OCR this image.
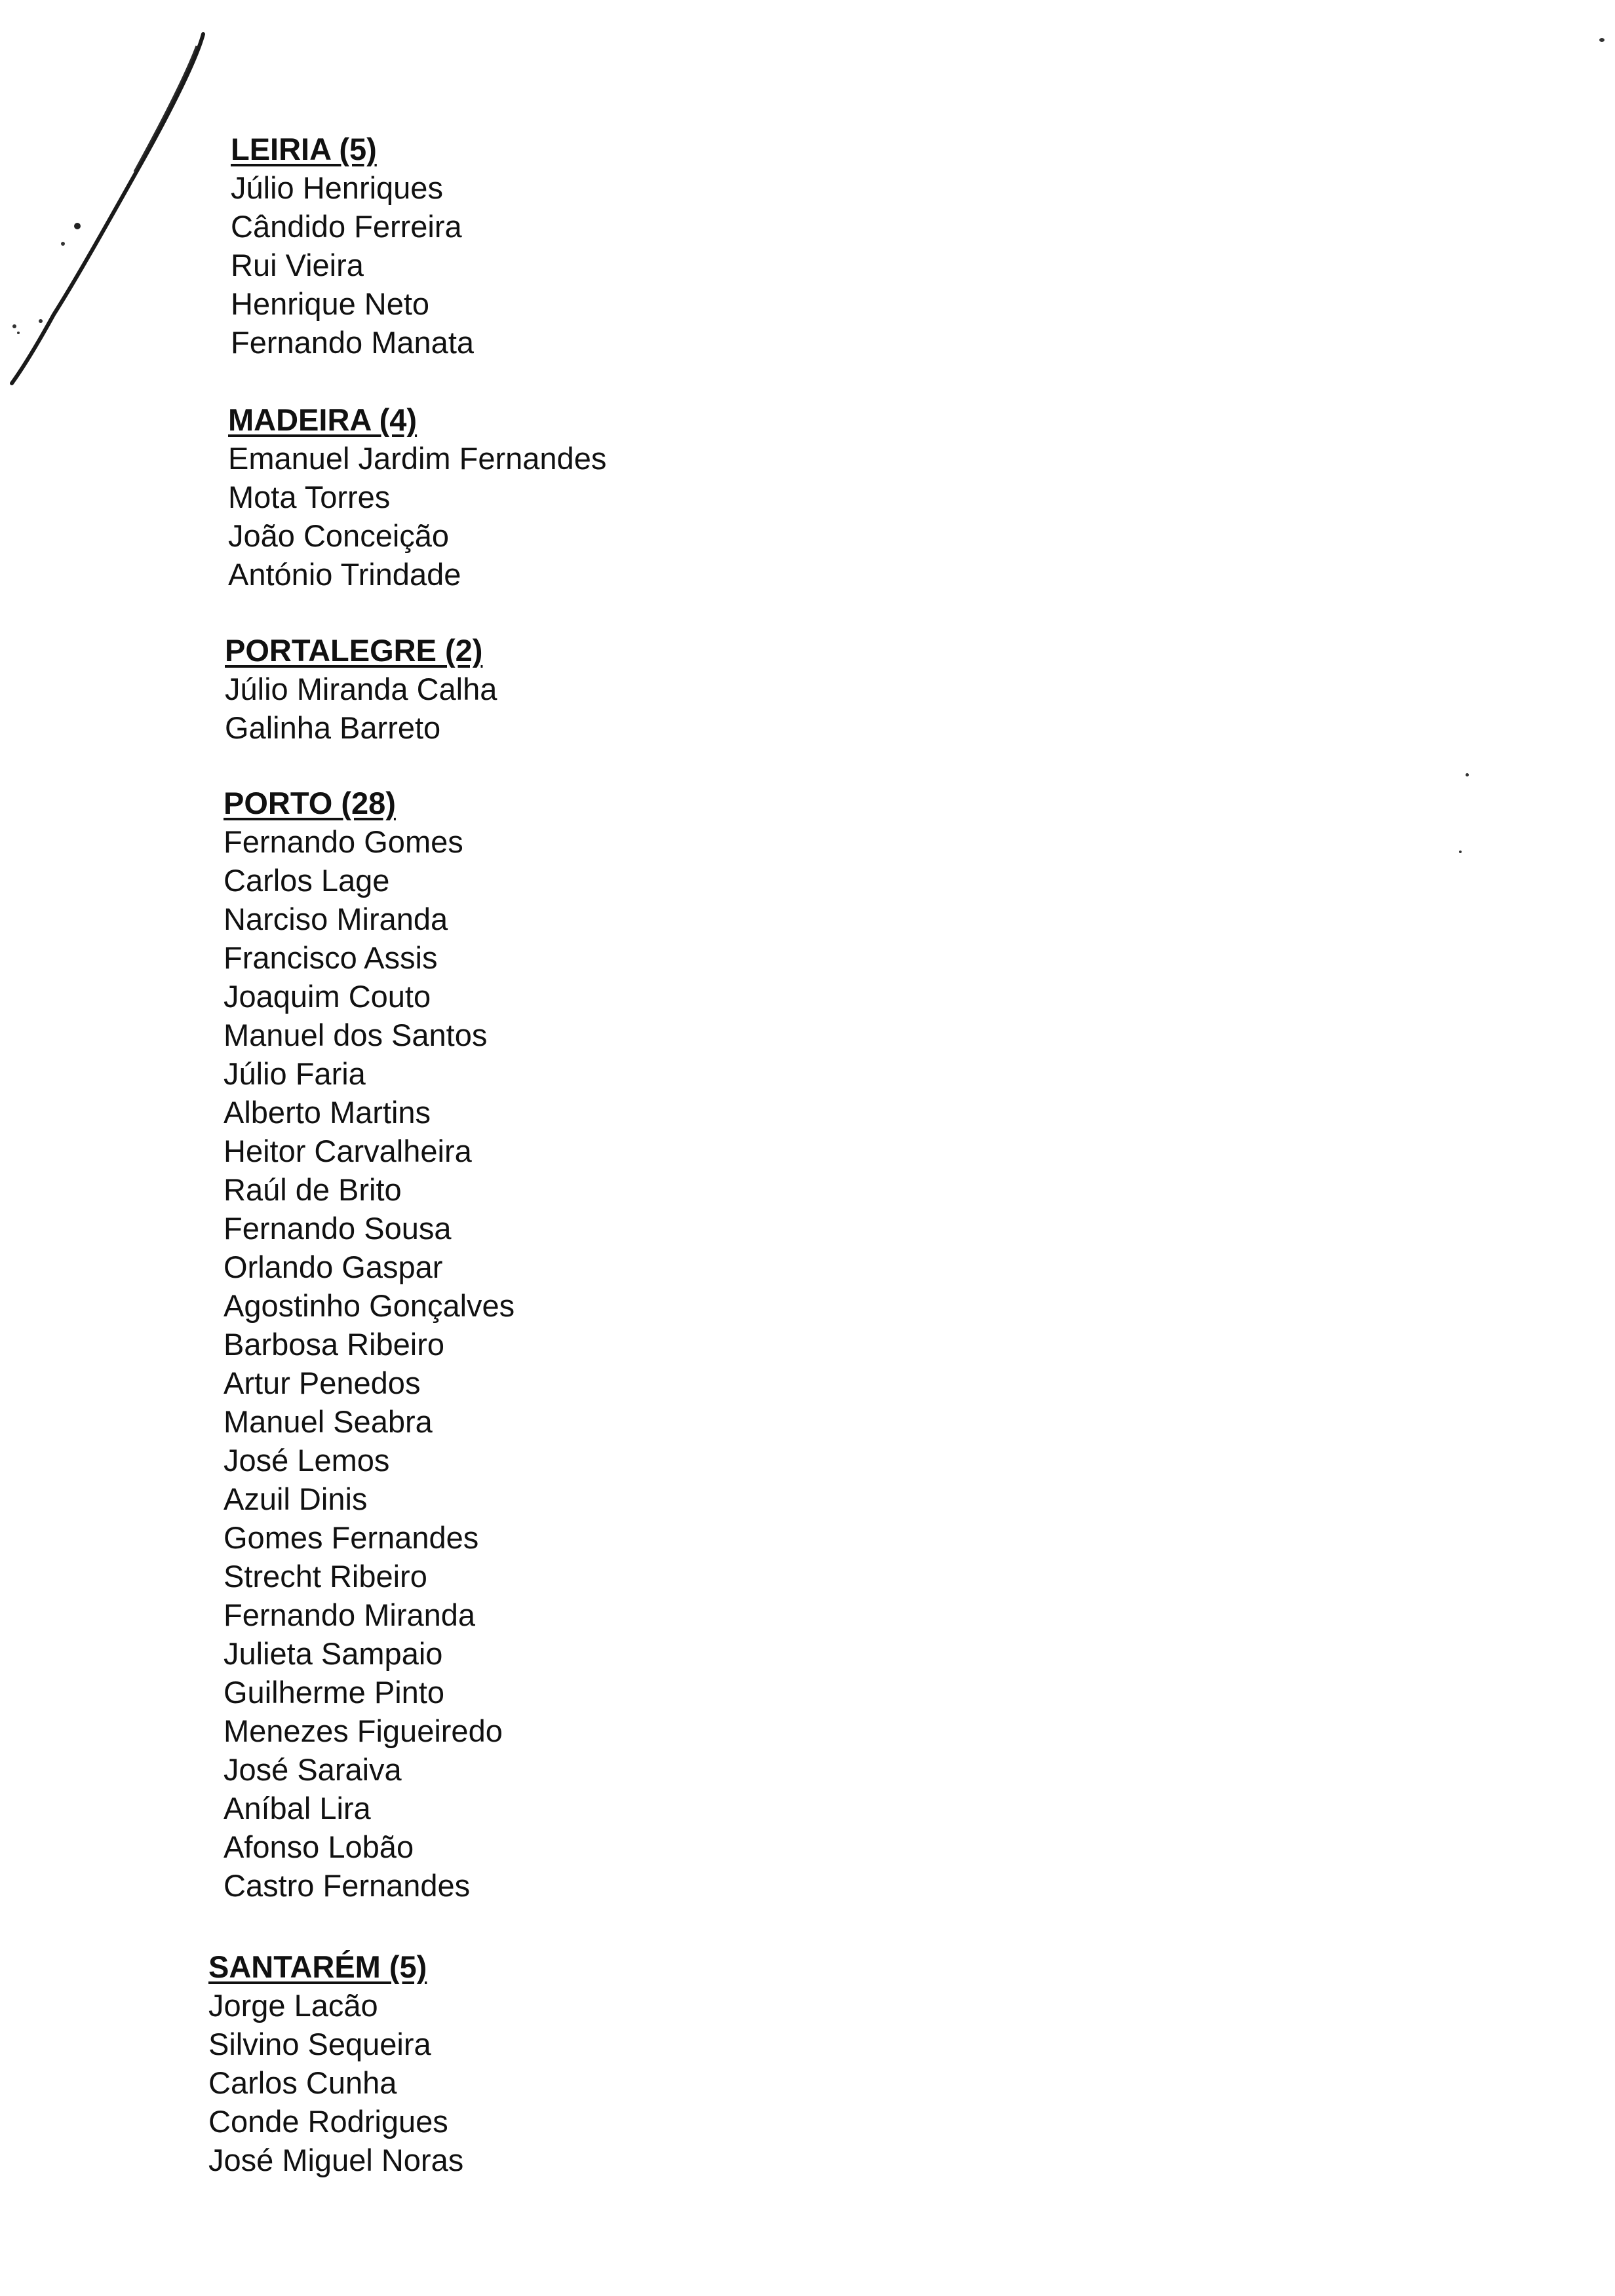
LEIRIA (5)
Júlio Henriques
Cândido Ferreira
Rui Vieira
Henrique Neto
Fernando Manata
MADEIRA (4)
Emanuel Jardim Fernandes
Mota Torres
João Conceição
António Trindade
PORTALEGRE (2)
Júlio Miranda Calha
Galinha Barreto
PORTO (28)
Fernando Gomes
Carlos Lage
Narciso Miranda
Francisco Assis
Joaquim Couto
Manuel dos Santos
Júlio Faria
Alberto Martins
Heitor Carvalheira
Raúl de Brito
Fernando Sousa
Orlando Gaspar
Agostinho Gonçalves
Barbosa Ribeiro
Artur Penedos
Manuel Seabra
José Lemos
Azuil Dinis
Gomes Fernandes
Strecht Ribeiro
Fernando Miranda
Julieta Sampaio
Guilherme Pinto
Menezes Figueiredo
José Saraiva
Aníbal Lira
Afonso Lobão
Castro Fernandes
SANTARÉM (5)
Jorge Lacão
Silvino Sequeira
Carlos Cunha
Conde Rodrigues
José Miguel Noras
